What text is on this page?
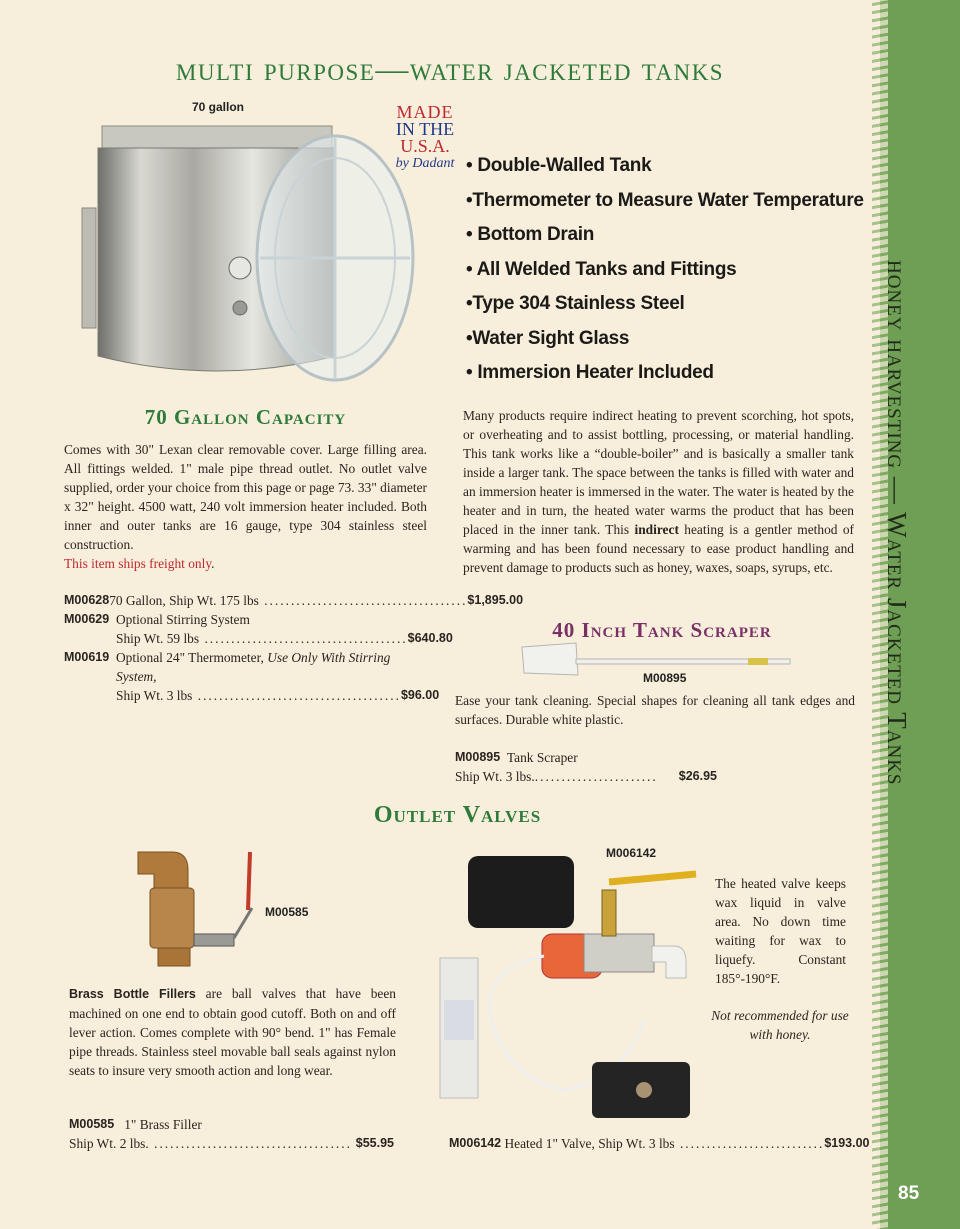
honey harvesting — Water Jacketed Tanks
85
multi purpose—water jacketed tanks
70 gallon	MADE
IN THE
U.S.A.
by Dadant • Double-Walled Tank
•Thermometer to Measure Water Temperature
• Bottom Drain
• All Welded Tanks and Fittings
•Type 304 Stainless Steel
•Water Sight Glass
• Immersion Heater Included
70 Gallon Capacity
Comes with 30" Lexan clear removable cover. Large filling area. All fittings welded. 1" male pipe thread outlet. No outlet valve supplied, order your choice from this page or page 73. 33" diameter x 32" height. 4500 watt, 240 volt immersion heater included. Both inner and outer tanks are 16 gauge, type 304 stainless steel construction.
This item ships freight only.
M00628 70 Gallon, Ship Wt. 175 lbs ...................................... $1,895.00
M00629 Optional Stirring System
Ship Wt. 59 lbs ...................................... $640.80
M00619 Optional 24" Thermometer, Use Only With Stirring System,
Ship Wt. 3 lbs ...................................... $96.00
Many products require indirect heating to prevent scorching, hot spots, or overheating and to assist bottling, processing, or material handling. This tank works like a “double-boiler” and is basically a smaller tank inside a larger tank. The space between the tanks is filled with water and an immersion heater is immersed in the water. The water is heated by the heater and in turn, the heated water warms the product that has been placed in the inner tank. This indirect heating is a gentler method of warming and has been found necessary to ease product handling and prevent damage to products such as honey, waxes, soaps, syrups, etc.
40 Inch Tank Scraper
M00895
Ease your tank cleaning. Special shapes for cleaning all tank edges and surfaces. Durable white plastic.
M00895
Tank Scraper
Ship Wt. 3 lbs. .......................	$26.95
Outlet Valves
M00585
Brass Bottle Fillers are ball valves that have been machined on one end to obtain good cutoff. Both on and off lever action. Comes complete with 90° bend. 1" has Female pipe threads. Stainless steel movable ball seals against nylon seats to insure very smooth action and long wear.
M00585
1" Brass Filler
Ship Wt. 2 lbs. ..................................... $55.95
M006142
The heated valve keeps wax liquid in valve area. No down time waiting for wax to liquefy. Constant 185°-190°F.
Not recommended for use with honey.
M006142
Heated 1" Valve, Ship Wt. 3 lbs ........................... $193.00
